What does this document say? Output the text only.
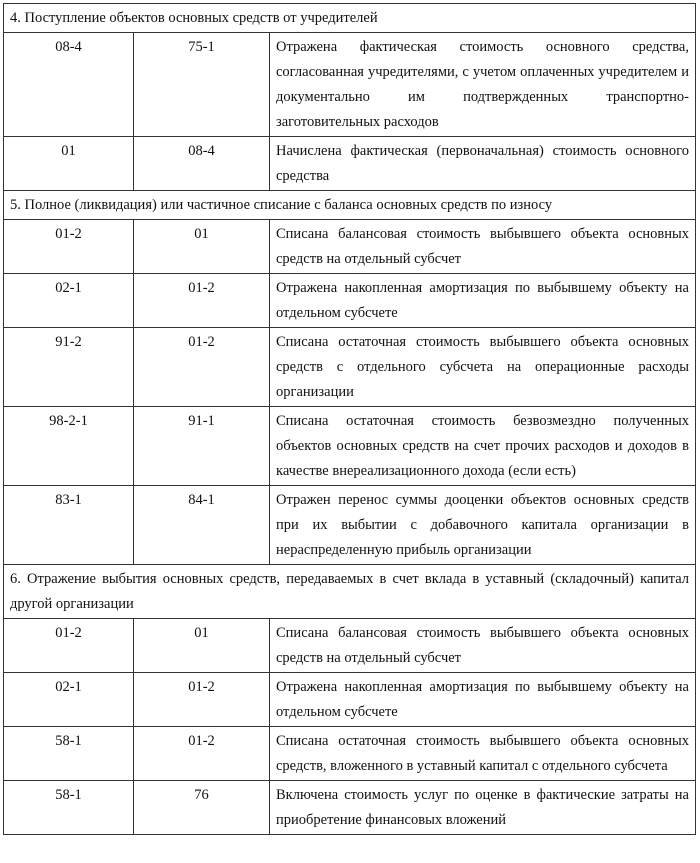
4. Поступление объектов основных средств от учредителей		
08-4	75-1	Отражена фактическая стоимость основного средства, согласованная учредителями, с учетом оплаченных учредителем и документально им подтвержденных транспортно-заготовительных расходов
01	08-4	Начислена фактическая (первоначальная) стоимость основного средства
5. Полное (ликвидация) или частичное списание с баланса основных средств по износу		
01-2	01	Списана балансовая стоимость выбывшего объекта основных средств на отдельный субсчет
02-1	01-2	Отражена накопленная амортизация по выбывшему объекту на отдельном субсчете
91-2	01-2	Списана остаточная стоимость выбывшего объекта основных средств с отдельного субсчета на операционные расходы организации
98-2-1	91-1	Списана остаточная стоимость безвозмездно полученных объектов основных средств на счет прочих расходов и доходов в качестве внереализационного дохода (если есть)
83-1	84-1	Отражен перенос суммы дооценки объектов основных средств при их выбытии с добавочного капитала организации в нераспределенную прибыль организации
6. Отражение выбытия основных средств, передаваемых в счет вклада в уставный (складочный) капитал другой организации		
01-2	01	Списана балансовая стоимость выбывшего объекта основных средств на отдельный субсчет
02-1	01-2	Отражена накопленная амортизация по выбывшему объекту на отдельном субсчете
58-1	01-2	Списана остаточная стоимость выбывшего объекта основных средств, вложенного в уставный капитал с отдельного субсчета
58-1	76	Включена стоимость услуг по оценке в фактические затраты на приобретение финансовых вложений
